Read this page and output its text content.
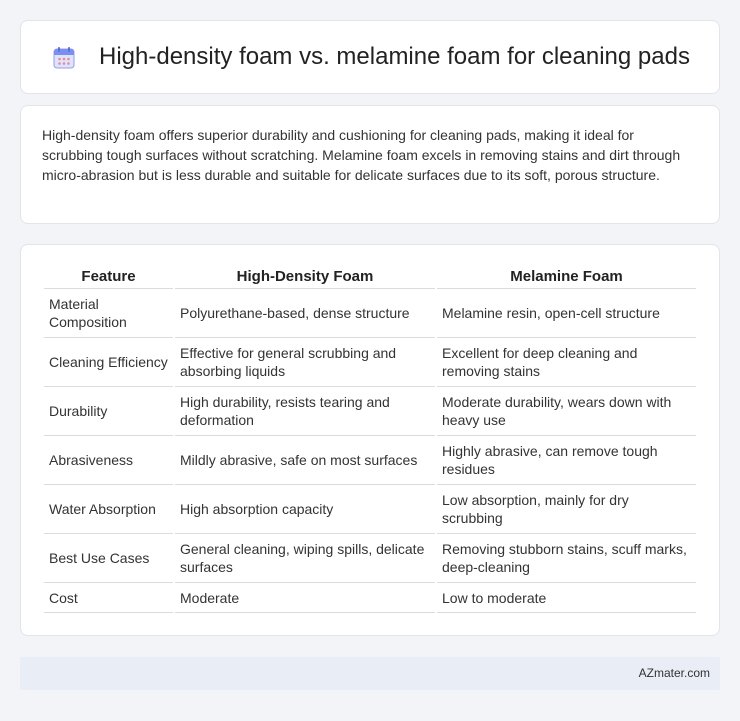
High-density foam vs. melamine foam for cleaning pads

High-density foam offers superior durability and cushioning for cleaning pads, making it ideal for scrubbing tough surfaces without scratching. Melamine foam excels in removing stains and dirt through micro-abrasion but is less durable and suitable for delicate surfaces due to its soft, porous structure.

Feature	High-Density Foam	Melamine Foam
Material Composition	Polyurethane-based, dense structure	Melamine resin, open-cell structure
Cleaning Efficiency	Effective for general scrubbing and absorbing liquids	Excellent for deep cleaning and removing stains
Durability	High durability, resists tearing and deformation	Moderate durability, wears down with heavy use
Abrasiveness	Mildly abrasive, safe on most surfaces	Highly abrasive, can remove tough residues
Water Absorption	High absorption capacity	Low absorption, mainly for dry scrubbing
Best Use Cases	General cleaning, wiping spills, delicate surfaces	Removing stubborn stains, scuff marks, deep-cleaning
Cost	Moderate	Low to moderate
AZmater.com
